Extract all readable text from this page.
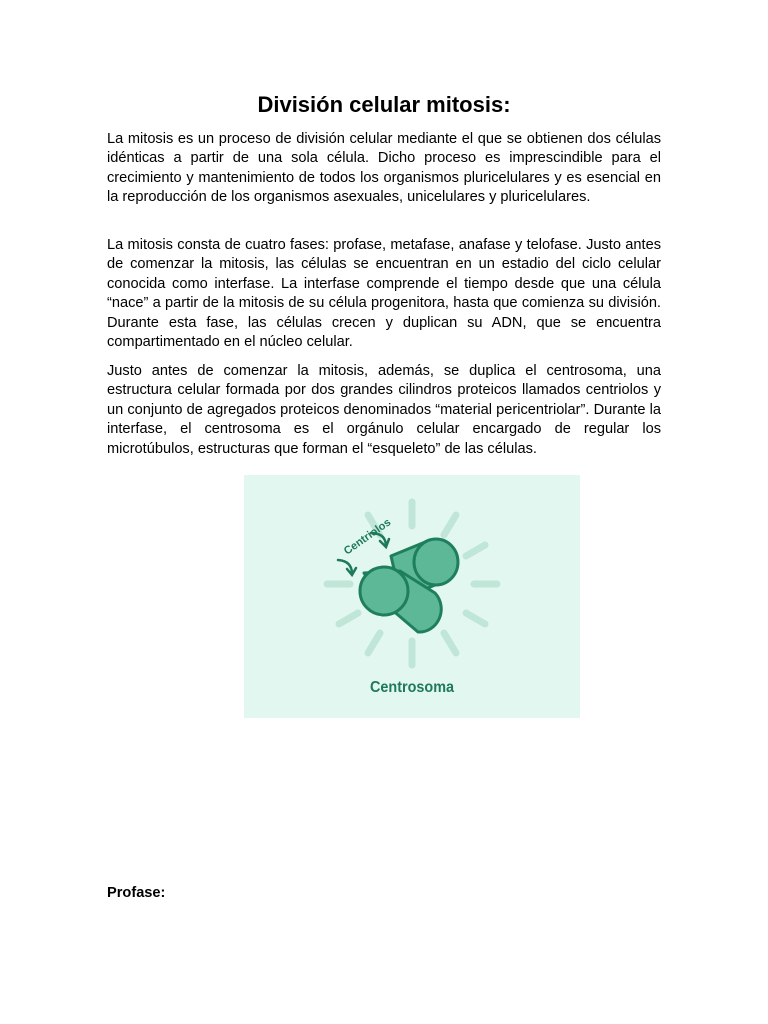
División celular mitosis:

La mitosis es un proceso de división celular mediante el que se obtienen dos células idénticas a partir de una sola célula. Dicho proceso es imprescindible para el crecimiento y mantenimiento de todos los organismos pluricelulares y es esencial en la reproducción de los organismos asexuales, unicelulares y pluricelulares.

La mitosis consta de cuatro fases: profase, metafase, anafase y telofase. Justo antes de comenzar la mitosis, las células se encuentran en un estadio del ciclo celular conocida como interfase. La interfase comprende el tiempo desde que una célula “nace” a partir de la mitosis de su célula progenitora, hasta que comienza su división. Durante esta fase, las células crecen y duplican su ADN, que se encuentra compartimentado en el núcleo celular.

Justo antes de comenzar la mitosis, además, se duplica el centrosoma, una estructura celular formada por dos grandes cilindros proteicos llamados centriolos y un conjunto de agregados proteicos denominados “material pericentriolar”. Durante la interfase, el centrosoma es el orgánulo celular encargado de regular los microtúbulos, estructuras que forman el “esqueleto” de las células.

Centriolos
Centrosoma
Profase:
